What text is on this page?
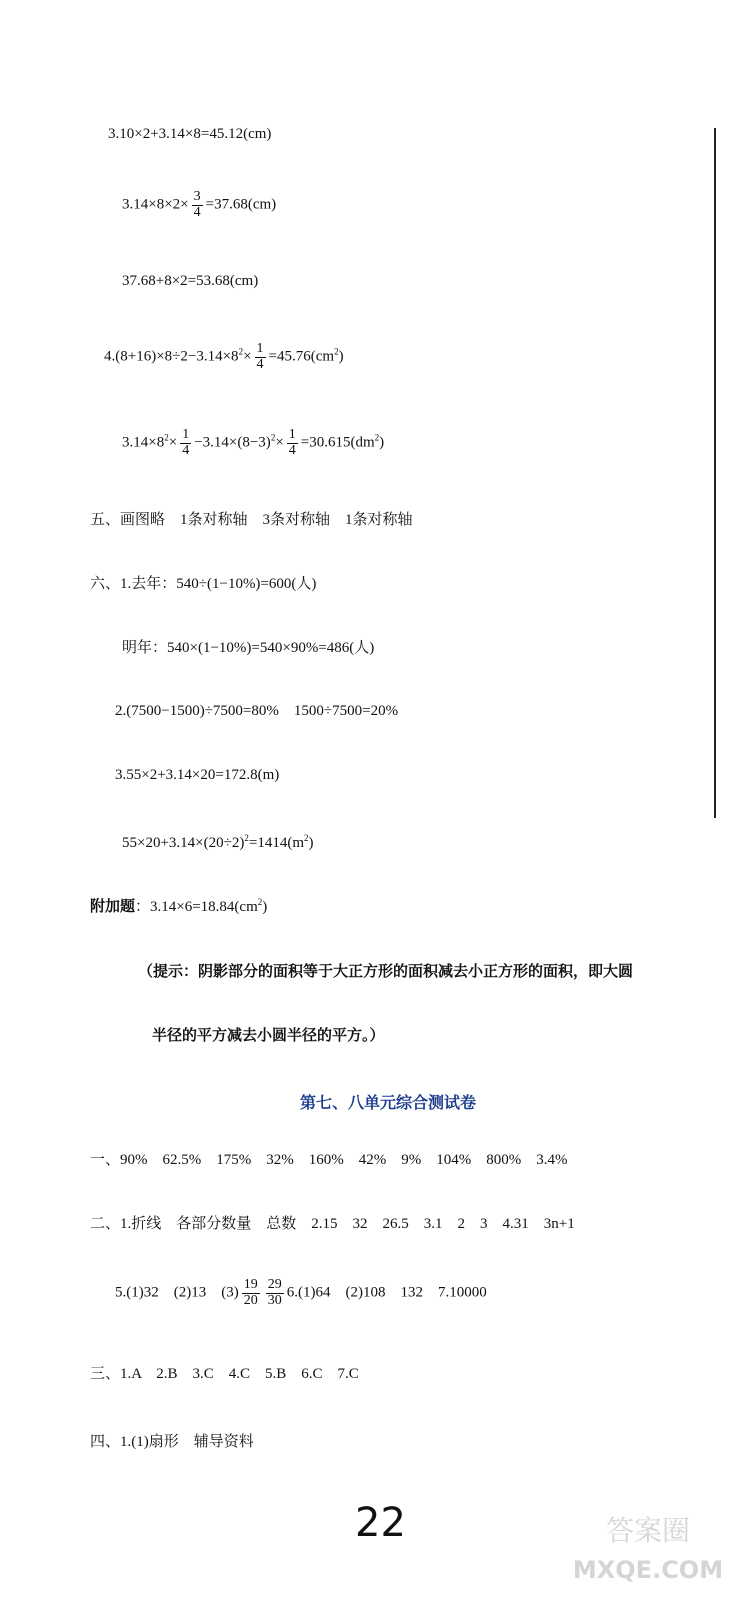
3.10×2+3.14×8=45.12(cm)
$3.14\times 8\times 2\times \frac{3}{4} =37.68(cm)$
37.68+8×2=53.68(cm)
$4.(8+16)\times 8\div 2-3.14\times 8^2\times \frac{1}{4} =45.76(cm^2)$
$3.14\times 8^2\times \frac{1}{4} -3.14\times(8-3)^2\times \frac{1}{4} =30.615(dm^2)$
五、画图略　1条对称轴　3条对称轴　1条对称轴
六、1.去年：540÷(1−10%)=600(人)
明年：540×(1−10%)=540×90%=486(人)
2.(7500−1500)÷7500=80%　1500÷7500=20%
3.55×2+3.14×20=172.8(m)
$55\times 20+3.14\times(20\div 2)^2=1414(m^2)$
附加题：$3.14\times 6=18.84(cm^2)$
（提示：阴影部分的面积等于大正方形的面积减去小正方形的面积，即大圆
半径的平方减去小圆半径的平方。）
第七、八单元综合测试卷
一、90%　62.5%　175%　32%　160%　42%　9%　104%　800%　3.4%
二、1.折线　各部分数量　总数　2.15　32　26.5　3.1　2　3　4.31　3n+1
5.(1)32　(2)13　$(3) \frac{19}{20} \frac{29}{30} 6.(1)64$　(2)108　132　7.10000
三、1.A　2.B　3.C　4.C　5.B　6.C　7.C
四、1.(1)扇形　辅导资料
22	答案圈
MXQE.COM
